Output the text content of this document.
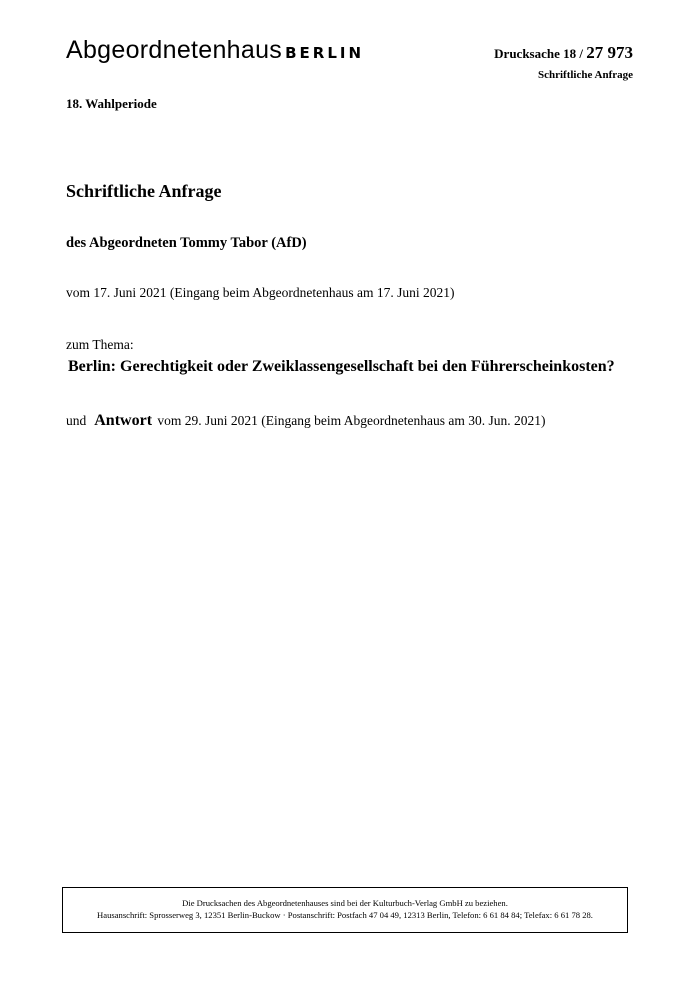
Abgeordnetenhaus BERLIN	Drucksache 18 / 27 973
Schriftliche Anfrage
18. Wahlperiode
Schriftliche Anfrage
des Abgeordneten Tommy Tabor (AfD)
vom 17. Juni 2021 (Eingang beim Abgeordnetenhaus am 17. Juni 2021)
zum Thema:
Berlin: Gerechtigkeit oder Zweiklassengesellschaft bei den Führerscheinkosten?
und Antwort vom 29. Juni 2021 (Eingang beim Abgeordnetenhaus am 30. Jun. 2021)
Die Drucksachen des Abgeordnetenhauses sind bei der Kulturbuch-Verlag GmbH zu beziehen.
Hausanschrift: Sprosserweg 3, 12351 Berlin-Buckow · Postanschrift: Postfach 47 04 49, 12313 Berlin, Telefon: 6 61 84 84; Telefax: 6 61 78 28.
